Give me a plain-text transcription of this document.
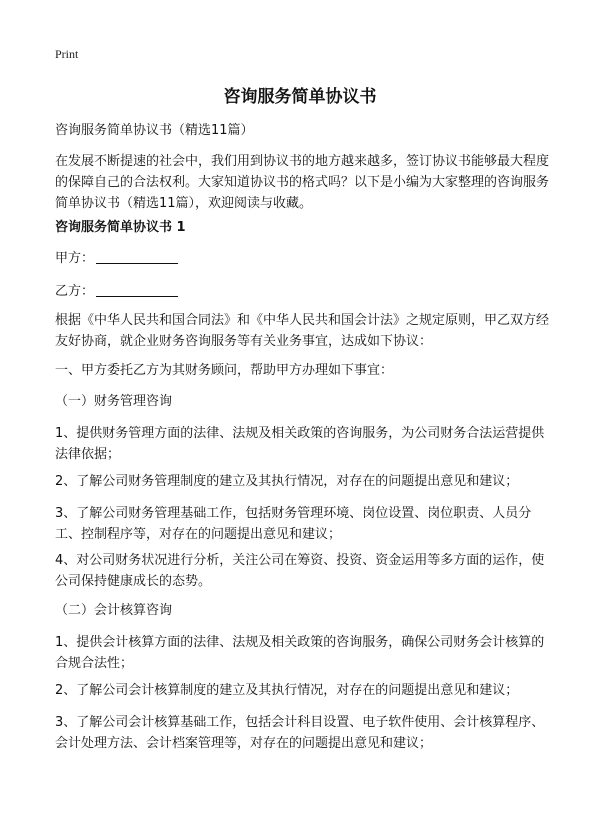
Print
咨询服务简单协议书

咨询服务简单协议书（精选11篇）

在发展不断提速的社会中，我们用到协议书的地方越来越多，签订协议书能够最大程度的保障自己的合法权利。大家知道协议书的格式吗？以下是小编为大家整理的咨询服务简单协议书（精选11篇），欢迎阅读与收藏。

咨询服务简单协议书 1

甲方：

乙方：

根据《中华人民共和国合同法》和《中华人民共和国会计法》之规定原则，甲乙双方经友好协商，就企业财务咨询服务等有关业务事宜，达成如下协议：

一、甲方委托乙方为其财务顾问，帮助甲方办理如下事宜：

（一）财务管理咨询

1、提供财务管理方面的法律、法规及相关政策的咨询服务，为公司财务合法运营提供法律依据；

2、了解公司财务管理制度的建立及其执行情况，对存在的问题提出意见和建议；

3、了解公司财务管理基础工作，包括财务管理环境、岗位设置、岗位职责、人员分工、控制程序等，对存在的问题提出意见和建议；

4、对公司财务状况进行分析，关注公司在筹资、投资、资金运用等多方面的运作，使公司保持健康成长的态势。

（二）会计核算咨询

1、提供会计核算方面的法律、法规及相关政策的咨询服务，确保公司财务会计核算的合规合法性；

2、了解公司会计核算制度的建立及其执行情况，对存在的问题提出意见和建议；

3、了解公司会计核算基础工作，包括会计科目设置、电子软件使用、会计核算程序、会计处理方法、会计档案管理等，对存在的问题提出意见和建议；
